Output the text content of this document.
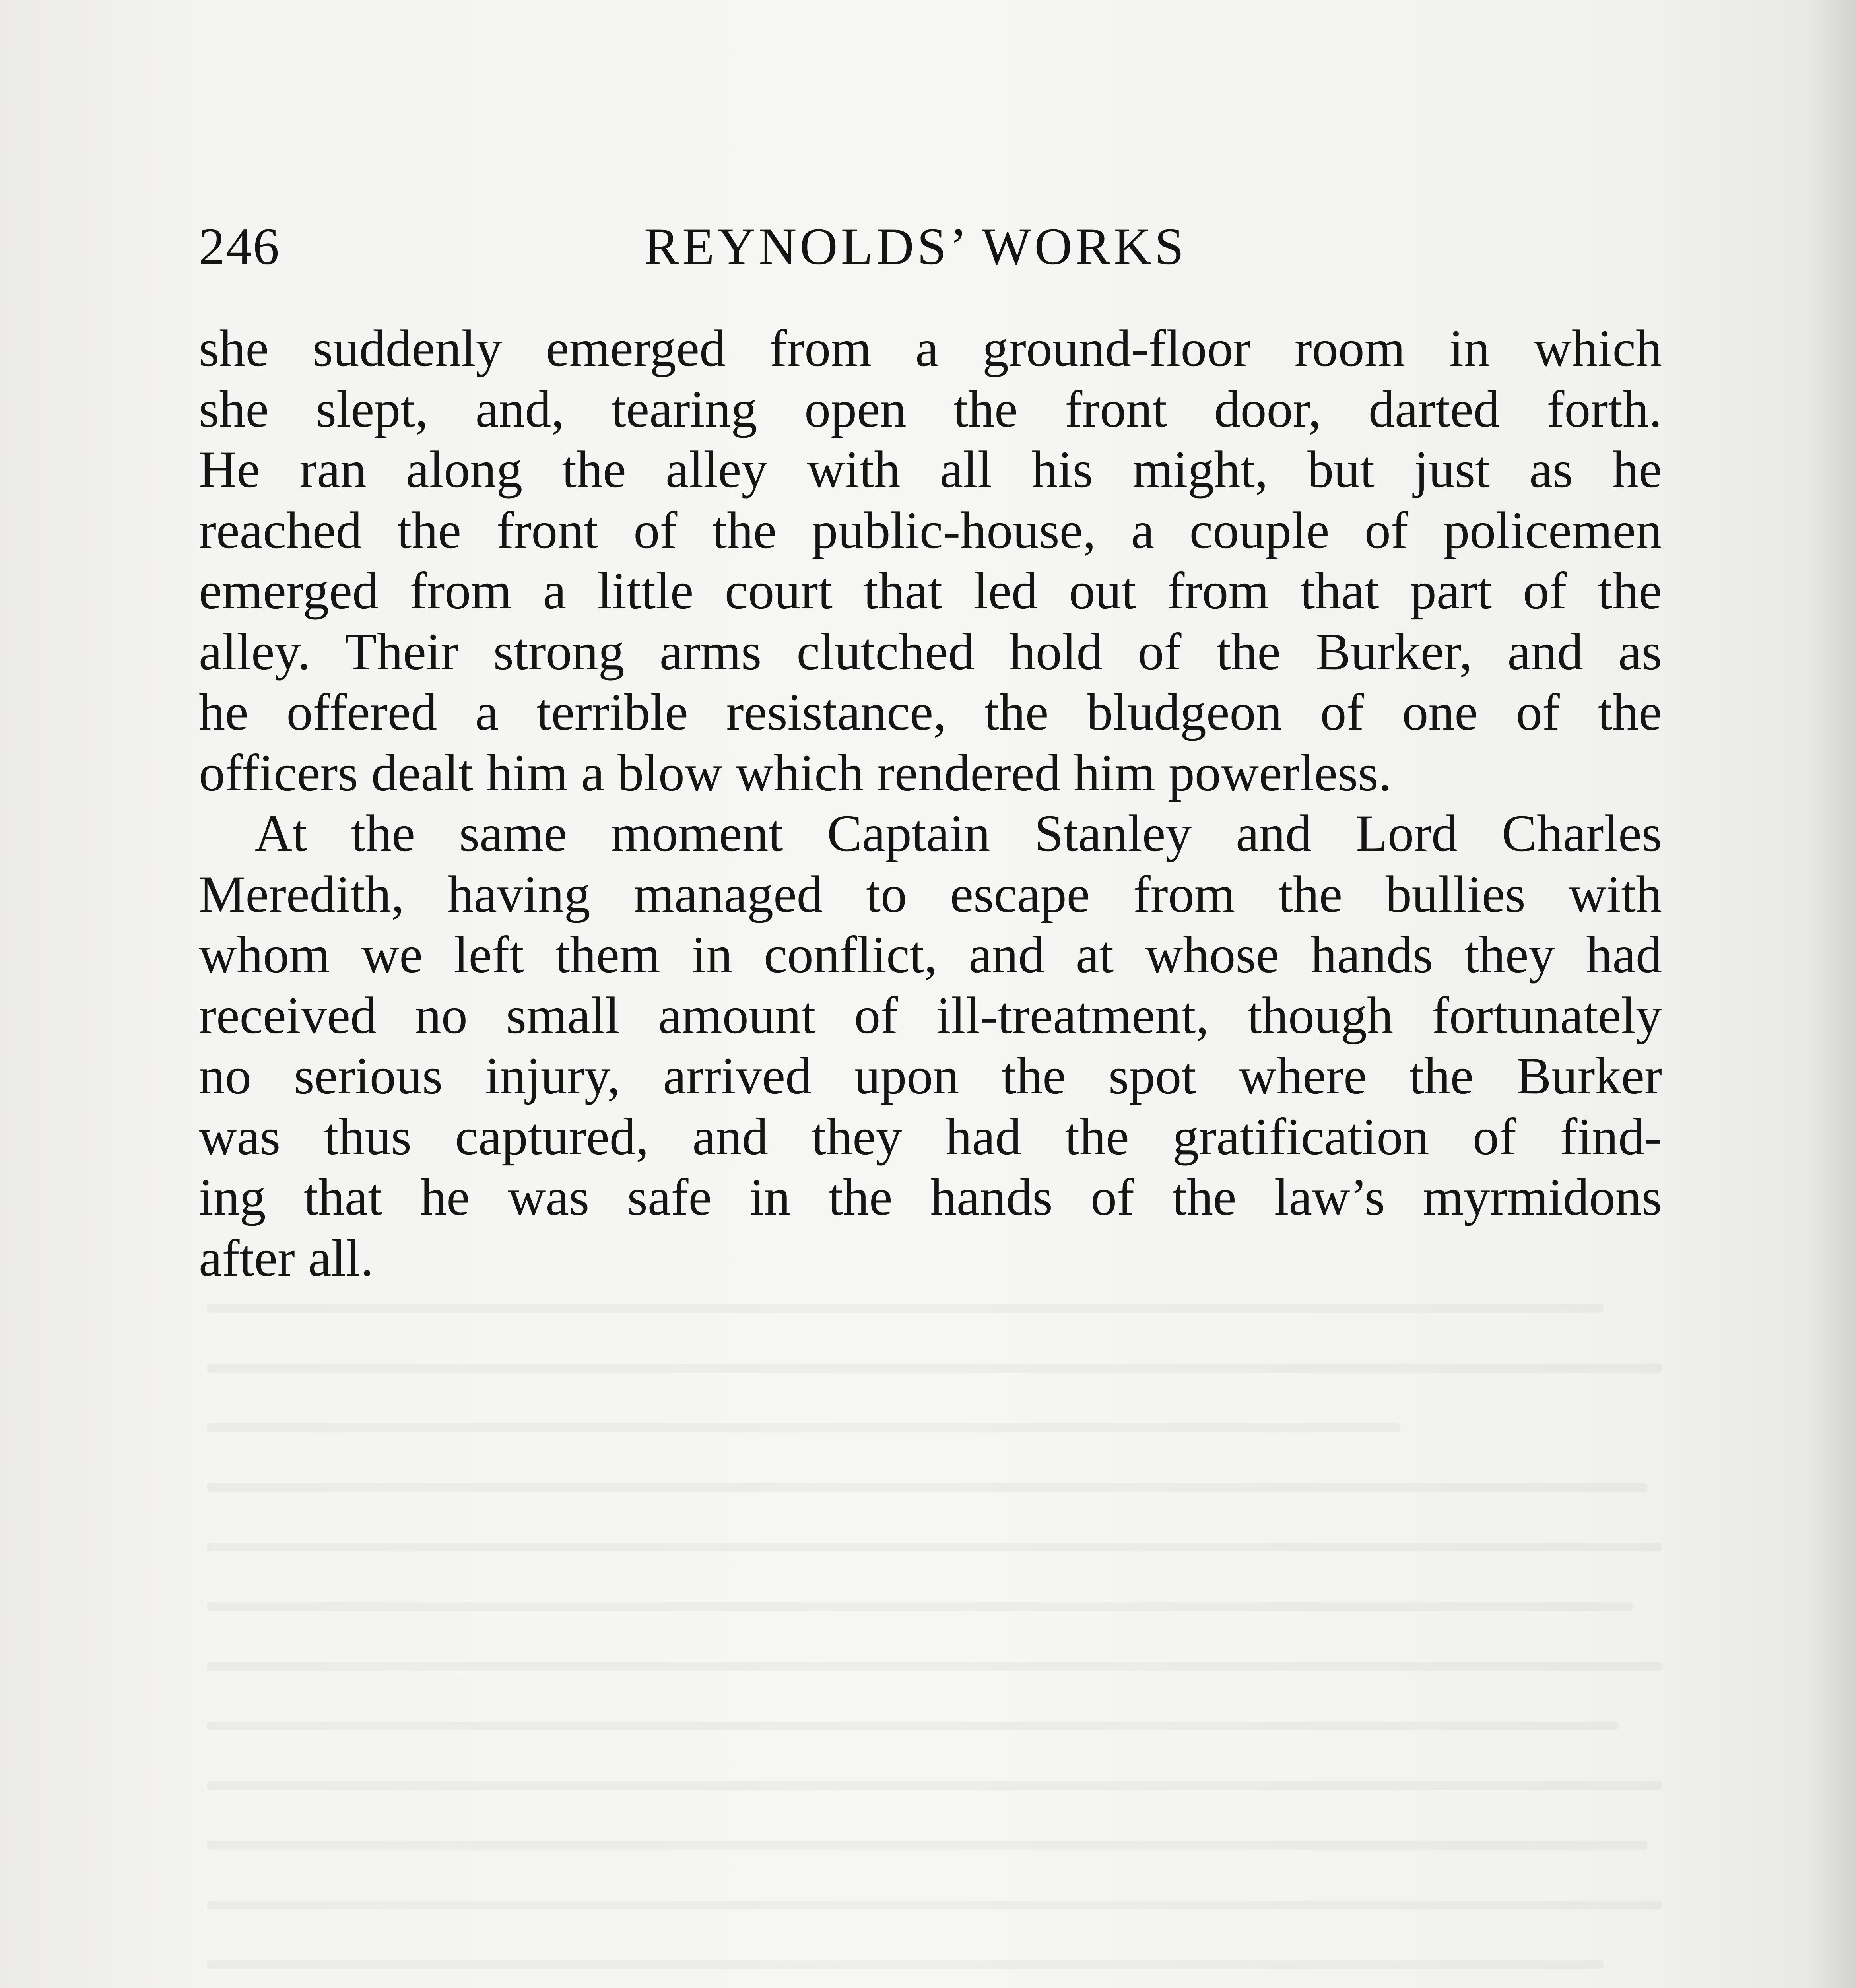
246	REYNOLDS’ WORKS
she suddenly emerged from a ground-floor room in which
she slept, and, tearing open the front door, darted forth.
He ran along the alley with all his might, but just as he
reached the front of the public-house, a couple of policemen
emerged from a little court that led out from that part of the
alley. Their strong arms clutched hold of the Burker, and as
he offered a terrible resistance, the bludgeon of one of the
officers dealt him a blow which rendered him powerless.
At the same moment Captain Stanley and Lord Charles
Meredith, having managed to escape from the bullies with
whom we left them in conflict, and at whose hands they had
received no small amount of ill-treatment, though fortunately
no serious injury, arrived upon the spot where the Burker
was thus captured, and they had the gratification of find-
ing that he was safe in the hands of the law’s myrmidons
after all.
